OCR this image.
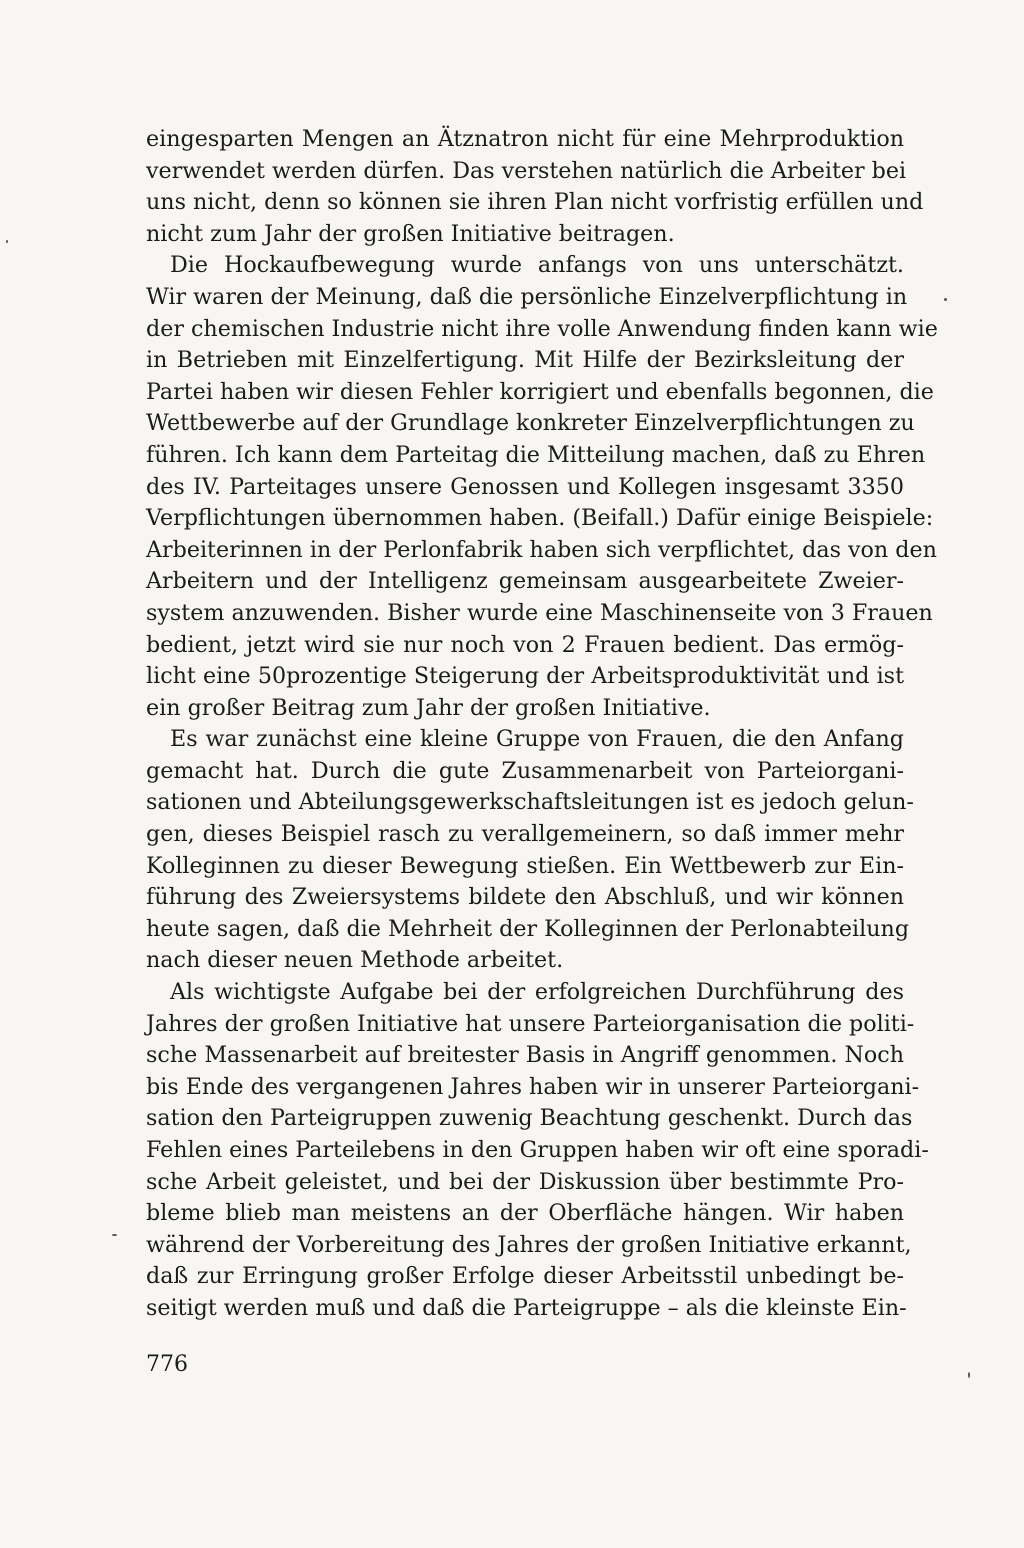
eingesparten Mengen an Ätznatron nicht für eine Mehrproduktion
verwendet werden dürfen. Das verstehen natürlich die Arbeiter bei
uns nicht, denn so können sie ihren Plan nicht vorfristig erfüllen und
nicht zum Jahr der großen Initiative beitragen.
Die Hockaufbewegung wurde anfangs von uns unterschätzt.
Wir waren der Meinung, daß die persönliche Einzelverpflichtung in
der chemischen Industrie nicht ihre volle Anwendung finden kann wie
in Betrieben mit Einzelfertigung. Mit Hilfe der Bezirksleitung der
Partei haben wir diesen Fehler korrigiert und ebenfalls begonnen, die
Wettbewerbe auf der Grundlage konkreter Einzelverpflichtungen zu
führen. Ich kann dem Parteitag die Mitteilung machen, daß zu Ehren
des IV. Parteitages unsere Genossen und Kollegen insgesamt 3350
Verpflichtungen übernommen haben. (Beifall.) Dafür einige Beispiele:
Arbeiterinnen in der Perlonfabrik haben sich verpflichtet, das von den
Arbeitern und der Intelligenz gemeinsam ausgearbeitete Zweier-
system anzuwenden. Bisher wurde eine Maschinenseite von 3 Frauen
bedient, jetzt wird sie nur noch von 2 Frauen bedient. Das ermög-
licht eine 50prozentige Steigerung der Arbeitsproduktivität und ist
ein großer Beitrag zum Jahr der großen Initiative.
Es war zunächst eine kleine Gruppe von Frauen, die den Anfang
gemacht hat. Durch die gute Zusammenarbeit von Parteiorgani-
sationen und Abteilungsgewerkschaftsleitungen ist es jedoch gelun-
gen, dieses Beispiel rasch zu verallgemeinern, so daß immer mehr
Kolleginnen zu dieser Bewegung stießen. Ein Wettbewerb zur Ein-
führung des Zweiersystems bildete den Abschluß, und wir können
heute sagen, daß die Mehrheit der Kolleginnen der Perlonabteilung
nach dieser neuen Methode arbeitet.
Als wichtigste Aufgabe bei der erfolgreichen Durchführung des
Jahres der großen Initiative hat unsere Parteiorganisation die politi-
sche Massenarbeit auf breitester Basis in Angriff genommen. Noch
bis Ende des vergangenen Jahres haben wir in unserer Parteiorgani-
sation den Parteigruppen zuwenig Beachtung geschenkt. Durch das
Fehlen eines Parteilebens in den Gruppen haben wir oft eine sporadi-
sche Arbeit geleistet, und bei der Diskussion über bestimmte Pro-
bleme blieb man meistens an der Oberfläche hängen. Wir haben
während der Vorbereitung des Jahres der großen Initiative erkannt,
daß zur Erringung großer Erfolge dieser Arbeitsstil unbedingt be-
seitigt werden muß und daß die Parteigruppe – als die kleinste Ein-
776
